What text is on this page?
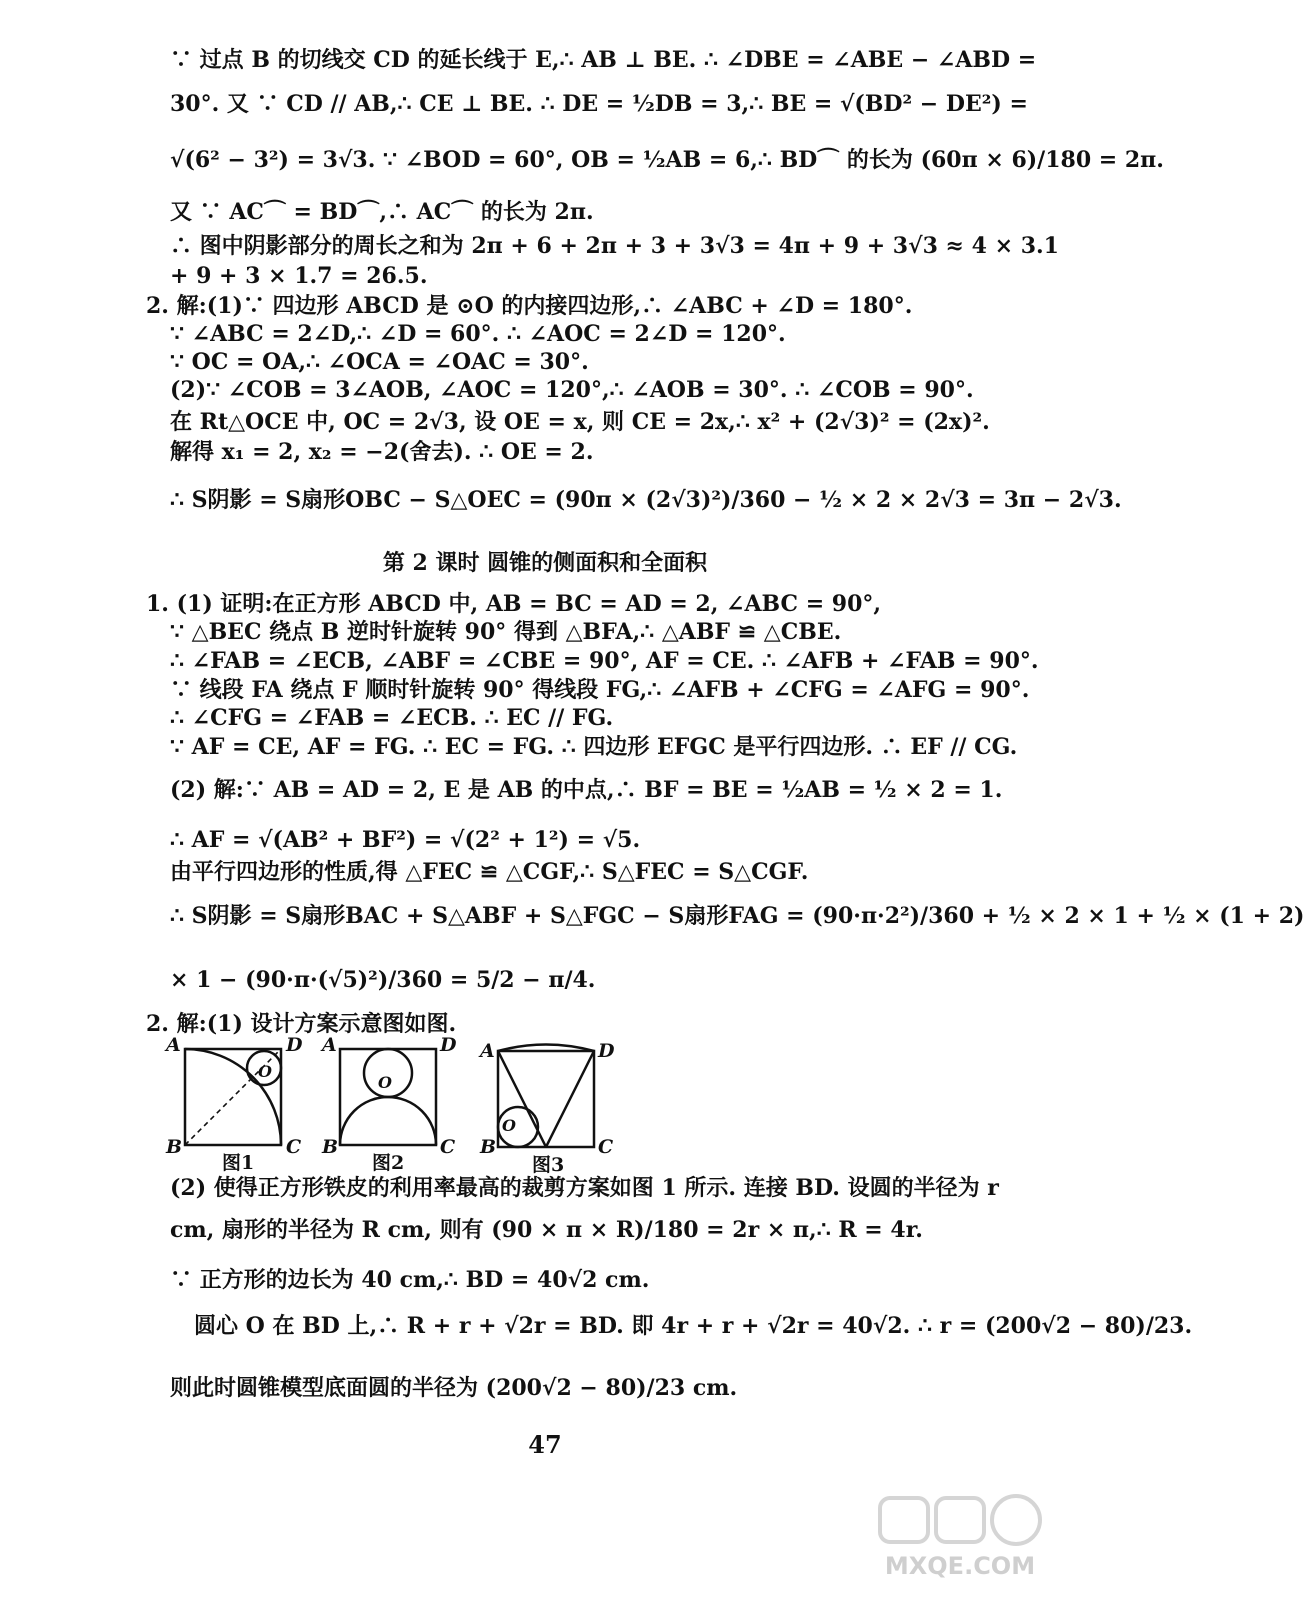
∵ 过点 B 的切线交 CD 的延长线于 E,∴ AB ⊥ BE. ∴ ∠DBE = ∠ABE − ∠ABD =
30°. 又 ∵ CD // AB,∴ CE ⊥ BE. ∴ DE = ½DB = 3,∴ BE = √(BD² − DE²) =
√(6² − 3²) = 3√3. ∵ ∠BOD = 60°, OB = ½AB = 6,∴ BD⌒ 的长为 (60π × 6)/180 = 2π.
又 ∵ AC⌒ = BD⌒,∴ AC⌒ 的长为 2π.
∴ 图中阴影部分的周长之和为 2π + 6 + 2π + 3 + 3√3 = 4π + 9 + 3√3 ≈ 4 × 3.1
+ 9 + 3 × 1.7 = 26.5.
2. 解:(1)∵ 四边形 ABCD 是 ⊙O 的内接四边形,∴ ∠ABC + ∠D = 180°.
∵ ∠ABC = 2∠D,∴ ∠D = 60°. ∴ ∠AOC = 2∠D = 120°.
∵ OC = OA,∴ ∠OCA = ∠OAC = 30°.
(2)∵ ∠COB = 3∠AOB, ∠AOC = 120°,∴ ∠AOB = 30°. ∴ ∠COB = 90°.
在 Rt△OCE 中, OC = 2√3, 设 OE = x, 则 CE = 2x,∴ x² + (2√3)² = (2x)².
解得 x₁ = 2, x₂ = −2(舍去). ∴ OE = 2.
∴ S阴影 = S扇形OBC − S△OEC = (90π × (2√3)²)/360 − ½ × 2 × 2√3 = 3π − 2√3.
第 2 课时 圆锥的侧面积和全面积
1. (1) 证明:在正方形 ABCD 中, AB = BC = AD = 2, ∠ABC = 90°,
∵ △BEC 绕点 B 逆时针旋转 90° 得到 △BFA,∴ △ABF ≌ △CBE.
∴ ∠FAB = ∠ECB, ∠ABF = ∠CBE = 90°, AF = CE. ∴ ∠AFB + ∠FAB = 90°.
∵ 线段 FA 绕点 F 顺时针旋转 90° 得线段 FG,∴ ∠AFB + ∠CFG = ∠AFG = 90°.
∴ ∠CFG = ∠FAB = ∠ECB. ∴ EC // FG.
∵ AF = CE, AF = FG. ∴ EC = FG. ∴ 四边形 EFGC 是平行四边形. ∴ EF // CG.
(2) 解:∵ AB = AD = 2, E 是 AB 的中点,∴ BF = BE = ½AB = ½ × 2 = 1.
∴ AF = √(AB² + BF²) = √(2² + 1²) = √5.
由平行四边形的性质,得 △FEC ≌ △CGF,∴ S△FEC = S△CGF.
∴ S阴影 = S扇形BAC + S△ABF + S△FGC − S扇形FAG = (90·π·2²)/360 + ½ × 2 × 1 + ½ × (1 + 2)
× 1 − (90·π·(√5)²)/360 = 5/2 − π/4.
2. 解:(1) 设计方案示意图如图.
A	D
B	C
O
图1
A	D
B	C
O
图2
A	D
B	C
O
图3
(2) 使得正方形铁皮的利用率最高的裁剪方案如图 1 所示. 连接 BD. 设圆的半径为 r
cm, 扇形的半径为 R cm, 则有 (90 × π × R)/180 = 2r × π,∴ R = 4r.
∵ 正方形的边长为 40 cm,∴ BD = 40√2 cm.
圆心 O 在 BD 上,∴ R + r + √2r = BD. 即 4r + r + √2r = 40√2. ∴ r = (200√2 − 80)/23.
则此时圆锥模型底面圆的半径为 (200√2 − 80)/23 cm.
47
MXQE.COM
